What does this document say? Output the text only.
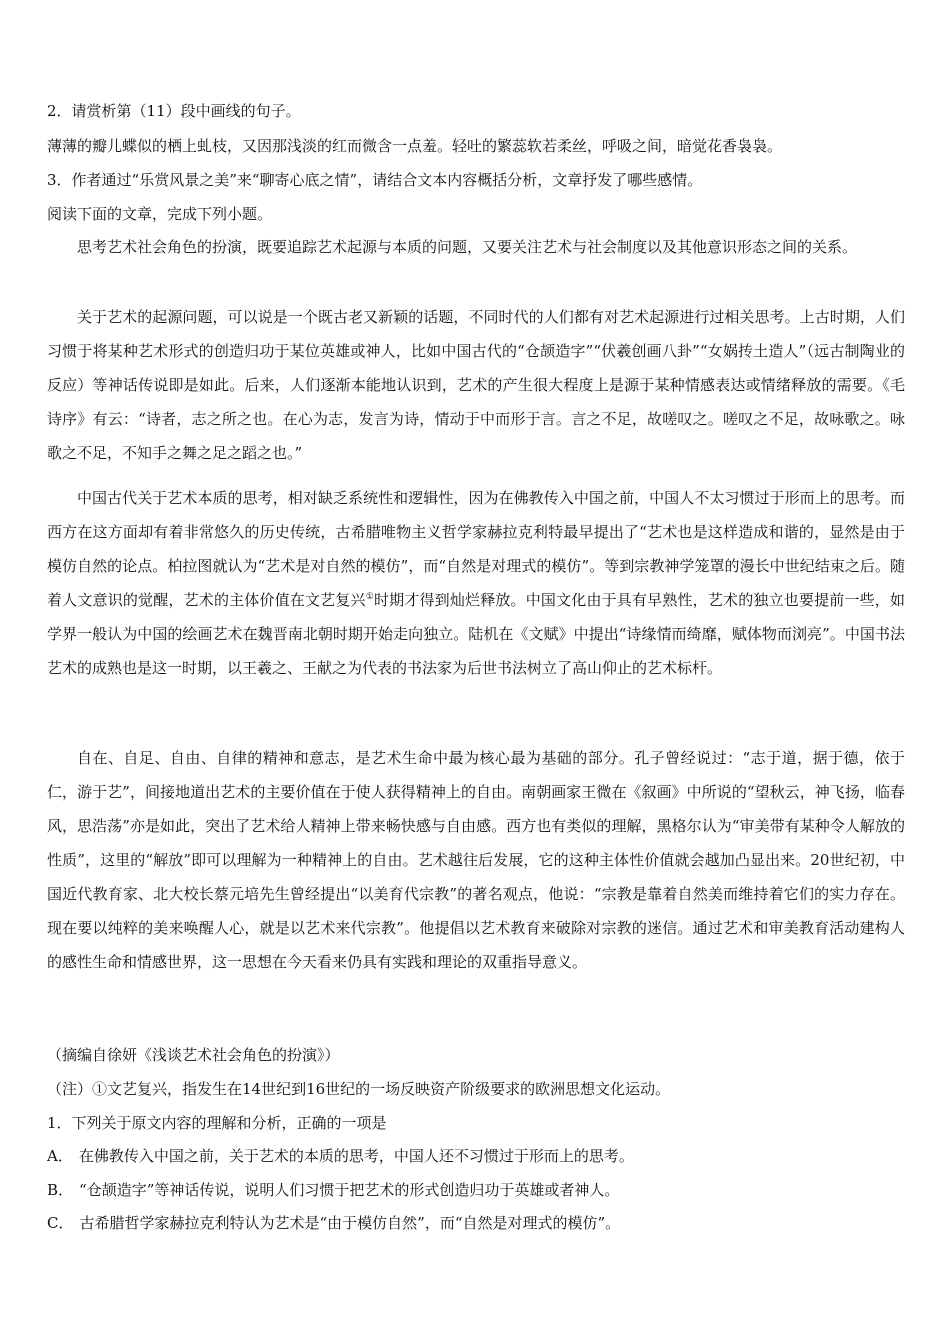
2．请赏析第（11）段中画线的句子。
薄薄的瓣儿蝶似的栖上虬枝，又因那浅淡的红而微含一点羞。轻吐的繁蕊软若柔丝，呼吸之间，暗觉花香袅袅。
3．作者通过“乐赏风景之美”来“聊寄心底之情”，请结合文本内容概括分析，文章抒发了哪些感情。
阅读下面的文章，完成下列小题。

思考艺术社会角色的扮演，既要追踪艺术起源与本质的问题，又要关注艺术与社会制度以及其他意识形态之间的关系。

关于艺术的起源问题，可以说是一个既古老又新颖的话题，不同时代的人们都有对艺术起源进行过相关思考。上古时期，人们习惯于将某种艺术形式的创造归功于某位英雄或神人，比如中国古代的“仓颉造字”“伏羲创画八卦”“女娲抟土造人”（远古制陶业的反应）等神话传说即是如此。后来，人们逐渐本能地认识到，艺术的产生很大程度上是源于某种情感表达或情绪释放的需要。《毛诗序》有云：“诗者，志之所之也。在心为志，发言为诗，情动于中而形于言。言之不足，故嗟叹之。嗟叹之不足，故咏歌之。咏歌之不足，不知手之舞之足之蹈之也。”

中国古代关于艺术本质的思考，相对缺乏系统性和逻辑性，因为在佛教传入中国之前，中国人不太习惯过于形而上的思考。而西方在这方面却有着非常悠久的历史传统，古希腊唯物主义哲学家赫拉克利特最早提出了“艺术也是这样造成和谐的，显然是由于模仿自然的论点。柏拉图就认为“艺术是对自然的模仿”，而“自然是对理式的模仿”。等到宗教神学笼罩的漫长中世纪结束之后。随着人文意识的觉醒，艺术的主体价值在文艺复兴①时期才得到灿烂释放。中国文化由于具有早熟性，艺术的独立也要提前一些，如学界一般认为中国的绘画艺术在魏晋南北朝时期开始走向独立。陆机在《文赋》中提出“诗缘情而绮靡，赋体物而浏亮”。中国书法艺术的成熟也是这一时期，以王羲之、王献之为代表的书法家为后世书法树立了高山仰止的艺术标杆。

自在、自足、自由、自律的精神和意志，是艺术生命中最为核心最为基础的部分。孔子曾经说过：“志于道，据于德，依于仁，游于艺”，间接地道出艺术的主要价值在于使人获得精神上的自由。南朝画家王微在《叙画》中所说的“望秋云，神飞扬，临春风，思浩荡”亦是如此，突出了艺术给人精神上带来畅快感与自由感。西方也有类似的理解，黑格尔认为“审美带有某种令人解放的性质”，这里的“解放”即可以理解为一种精神上的自由。艺术越往后发展，它的这种主体性价值就会越加凸显出来。20世纪初，中国近代教育家、北大校长蔡元培先生曾经提出“以美育代宗教”的著名观点，他说：“宗教是靠着自然美而维持着它们的实力存在。现在要以纯粹的美来唤醒人心，就是以艺术来代宗教”。他提倡以艺术教育来破除对宗教的迷信。通过艺术和审美教育活动建构人的感性生命和情感世界，这一思想在今天看来仍具有实践和理论的双重指导意义。

（摘编自徐妍《浅谈艺术社会角色的扮演》）
（注）①文艺复兴，指发生在14世纪到16世纪的一场反映资产阶级要求的欧洲思想文化运动。
1．下列关于原文内容的理解和分析，正确的一项是
A． 在佛教传入中国之前，关于艺术的本质的思考，中国人还不习惯过于形而上的思考。
B． “仓颉造字”等神话传说，说明人们习惯于把艺术的形式创造归功于英雄或者神人。
C． 古希腊哲学家赫拉克利特认为艺术是“由于模仿自然”，而“自然是对理式的模仿”。
